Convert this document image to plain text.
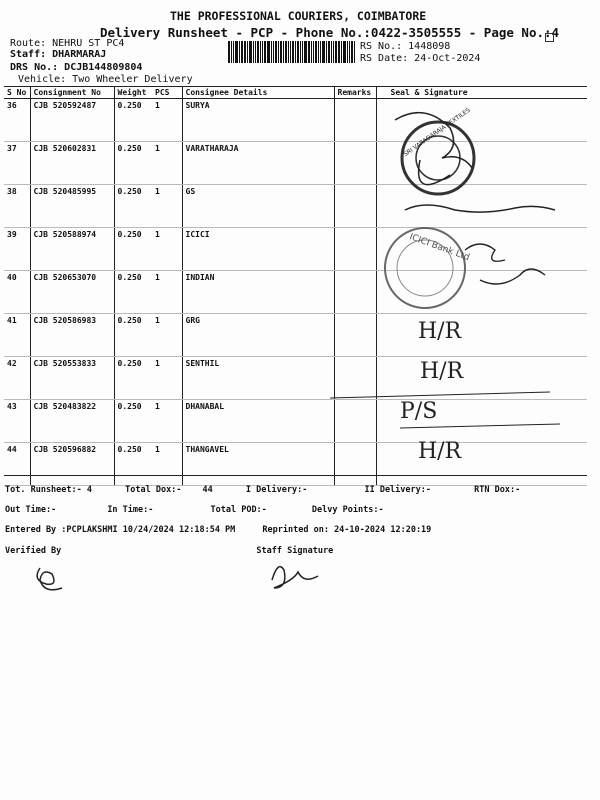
THE PROFESSIONAL COURIERS, COIMBATORE
Delivery Runsheet - PCP - Phone No.:0422-3505555 - Page No.:4
Route: NEHRU ST PC4
Staff: DHARMARAJ
DRS No.: DCJB144809804
Vehicle: Two Wheeler Delivery
RS No.: 1448098
RS Date: 24-Oct-2024
S No	Consignment No	Weight	PCS	Consignee Details	Remarks	Seal & Signature
36	CJB 520592487	0.250	1	SURYA		
37	CJB 520602831	0.250	1	VARATHARAJA		
38	CJB 520485995	0.250	1	GS		
39	CJB 520588974	0.250	1	ICICI		
40	CJB 520653070	0.250	1	INDIAN		
41	CJB 520586983	0.250	1	GRG		
42	CJB 520553833	0.250	1	SENTHIL		
43	CJB 520483822	0.250	1	DHANABAL		
44	CJB 520596882	0.250	1	THANGAVEL		
SRI VARADARAJA TEXTILES
ICICI Bank Ltd
H/R
H/R
P/S
H/R
Tot. Runsheet:- 4	Total Dox:- 44	I Delivery:-	II Delivery:-	RTN Dox:-
Out Time:-	In Time:-	Total POD:-	Delvy Points:-
Entered By :PCPLAKSHMI 10/24/2024 12:18:54 PM	Reprinted on: 24-10-2024 12:20:19
Verified By	Staff Signature
